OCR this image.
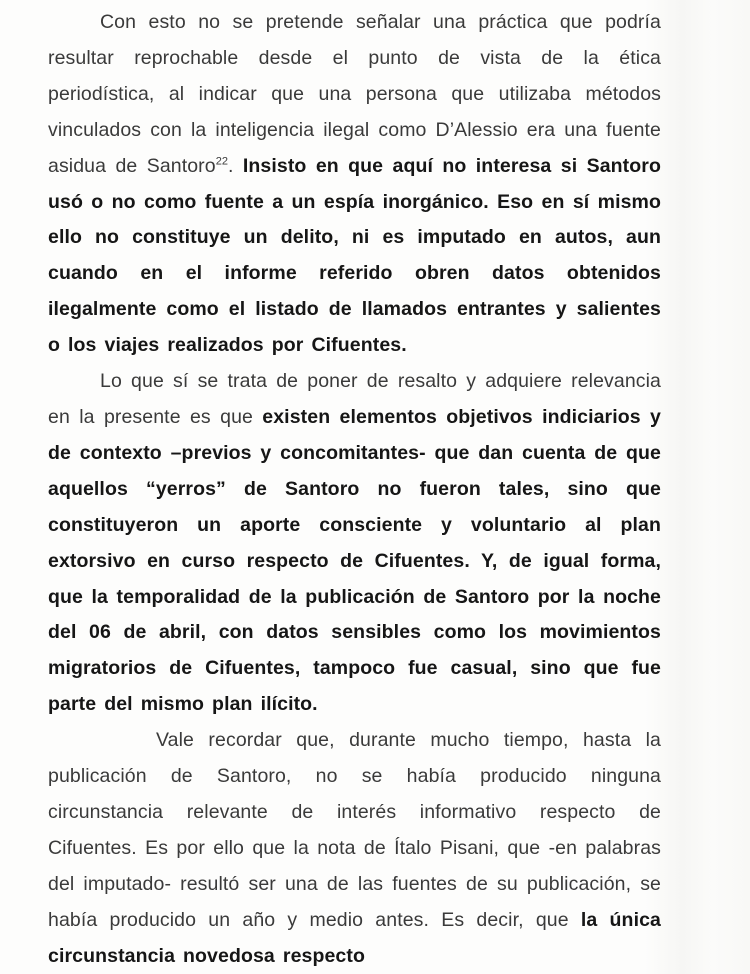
Con esto no se pretende señalar una práctica que podría resultar reprochable desde el punto de vista de la ética periodística, al indicar que una persona que utilizaba métodos vinculados con la inteligencia ilegal como D’Alessio era una fuente asidua de Santoro$^{22}$. Insisto en que aquí no interesa si Santoro usó o no como fuente a un espía inorgánico. Eso en sí mismo ello no constituye un delito, ni es imputado en autos, aun cuando en el informe referido obren datos obtenidos ilegalmente como el listado de llamados entrantes y salientes o los viajes realizados por Cifuentes.

Lo que sí se trata de poner de resalto y adquiere relevancia en la presente es que existen elementos objetivos indiciarios y de contexto –previos y concomitantes- que dan cuenta de que aquellos “yerros” de Santoro no fueron tales, sino que constituyeron un aporte consciente y voluntario al plan extorsivo en curso respecto de Cifuentes. Y, de igual forma, que la temporalidad de la publicación de Santoro por la noche del 06 de abril, con datos sensibles como los movimientos migratorios de Cifuentes, tampoco fue casual, sino que fue parte del mismo plan ilícito.

Vale recordar que, durante mucho tiempo, hasta la publicación de Santoro, no se había producido ninguna circunstancia relevante de interés informativo respecto de Cifuentes. Es por ello que la nota de Ítalo Pisani, que -en palabras del imputado- resultó ser una de las fuentes de su publicación, se había producido un año y medio antes. Es decir, que la única circunstancia novedosa respecto
